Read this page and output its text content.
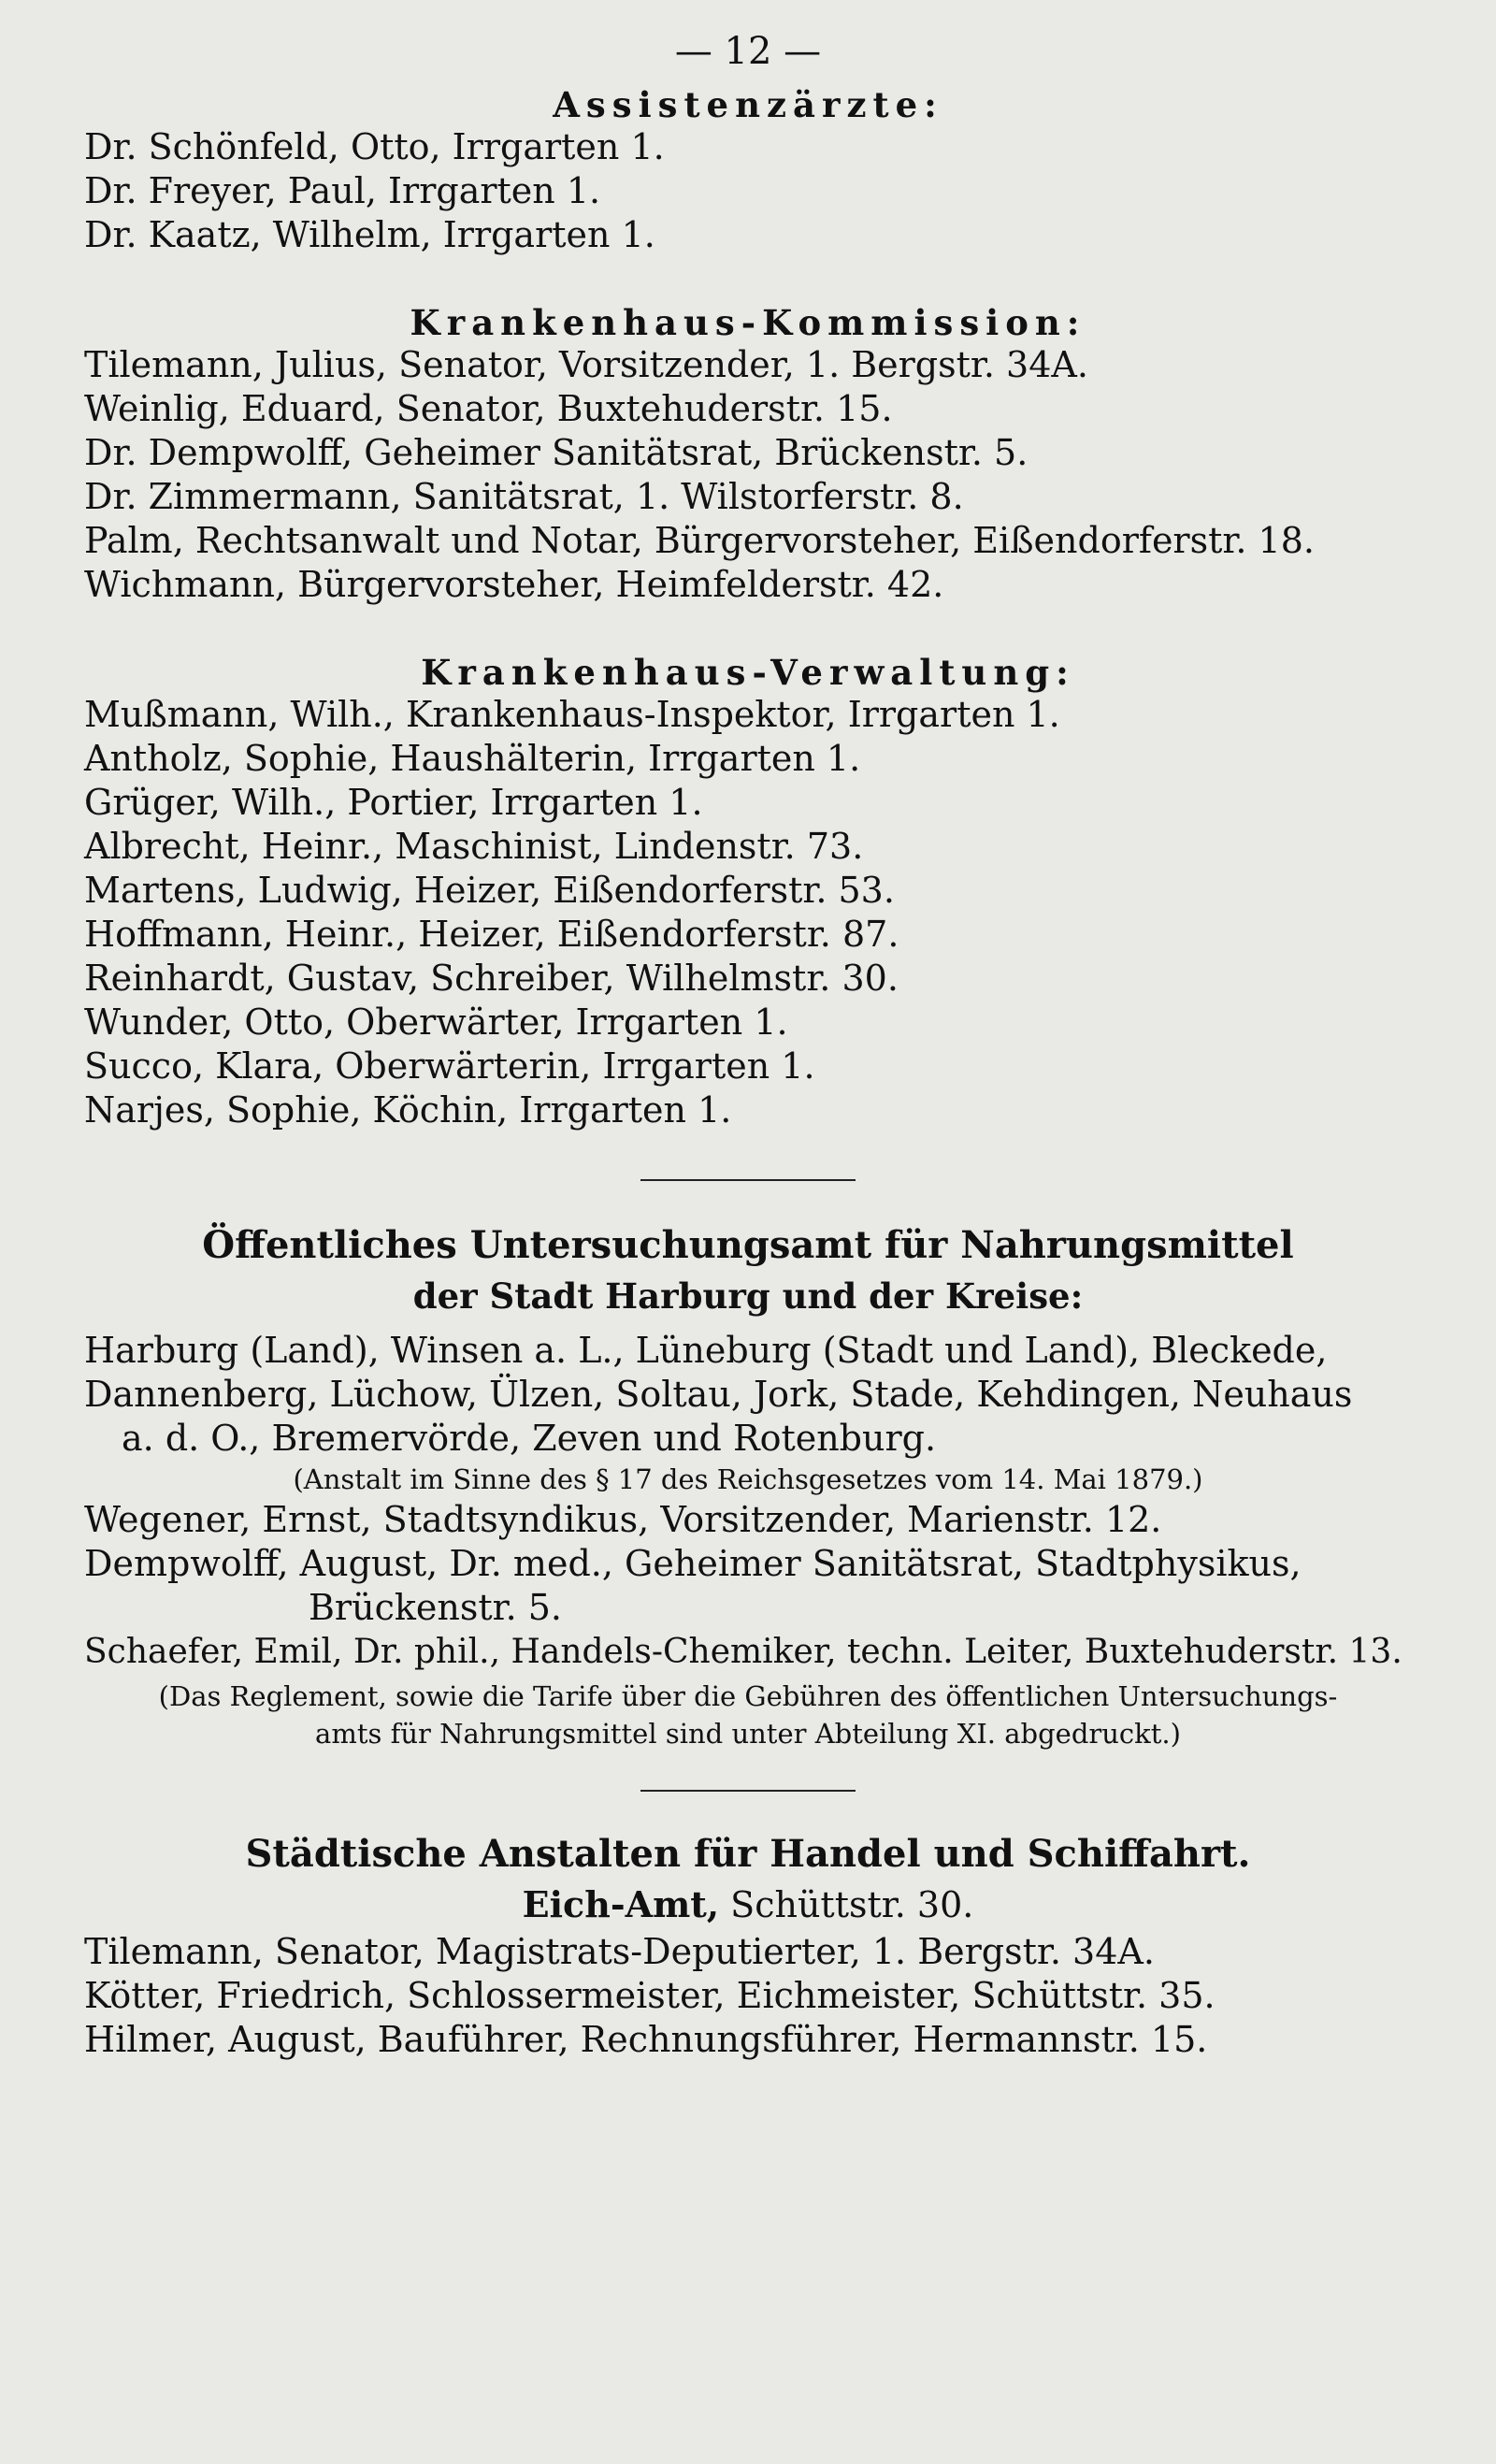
— 12 —
Assistenzärzte:
Dr. Schönfeld, Otto, Irrgarten 1.
Dr. Freyer, Paul, Irrgarten 1.
Dr. Kaatz, Wilhelm, Irrgarten 1.
Krankenhaus-Kommission:
Tilemann, Julius, Senator, Vorsitzender, 1. Bergstr. 34A.
Weinlig, Eduard, Senator, Buxtehuderstr. 15.
Dr. Dempwolff, Geheimer Sanitätsrat, Brückenstr. 5.
Dr. Zimmermann, Sanitätsrat, 1. Wilstorferstr. 8.
Palm, Rechtsanwalt und Notar, Bürgervorsteher, Eißendorferstr. 18.
Wichmann, Bürgervorsteher, Heimfelderstr. 42.
Krankenhaus-Verwaltung:
Mußmann, Wilh., Krankenhaus-Inspektor, Irrgarten 1.
Antholz, Sophie, Haushälterin, Irrgarten 1.
Grüger, Wilh., Portier, Irrgarten 1.
Albrecht, Heinr., Maschinist, Lindenstr. 73.
Martens, Ludwig, Heizer, Eißendorferstr. 53.
Hoffmann, Heinr., Heizer, Eißendorferstr. 87.
Reinhardt, Gustav, Schreiber, Wilhelmstr. 30.
Wunder, Otto, Oberwärter, Irrgarten 1.
Succo, Klara, Oberwärterin, Irrgarten 1.
Narjes, Sophie, Köchin, Irrgarten 1.
Öffentliches Untersuchungsamt für Nahrungsmittel
der Stadt Harburg und der Kreise:

Harburg (Land), Winsen a. L., Lüneburg (Stadt und Land), Bleckede,
Dannenberg, Lüchow, Ülzen, Soltau, Jork, Stade, Kehdingen, Neuhaus
a. d. O., Bremervörde, Zeven und Rotenburg.

(Anstalt im Sinne des § 17 des Reichsgesetzes vom 14. Mai 1879.)

Wegener, Ernst, Stadtsyndikus, Vorsitzender, Marienstr. 12.
Dempwolff, August, Dr. med., Geheimer Sanitätsrat, Stadtphysikus,
Brückenstr. 5.
Schaefer, Emil, Dr. phil., Handels-Chemiker, techn. Leiter, Buxtehuderstr. 13.

(Das Reglement, sowie die Tarife über die Gebühren des öffentlichen Untersuchungs-
amts für Nahrungsmittel sind unter Abteilung XI. abgedruckt.)

Städtische Anstalten für Handel und Schiffahrt.

Eich-Amt, Schüttstr. 30.

Tilemann, Senator, Magistrats-Deputierter, 1. Bergstr. 34A.
Kötter, Friedrich, Schlossermeister, Eichmeister, Schüttstr. 35.
Hilmer, August, Bauführer, Rechnungsführer, Hermannstr. 15.
